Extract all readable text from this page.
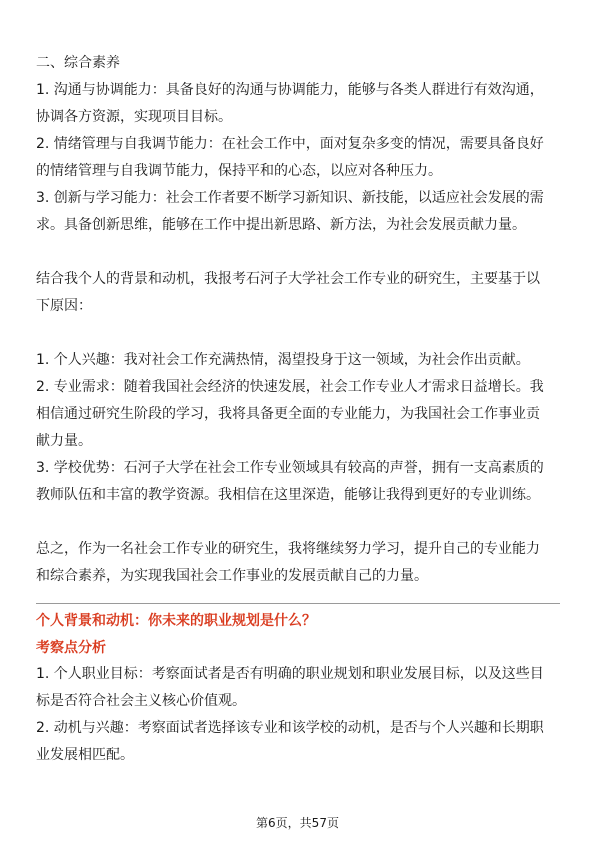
二、综合素养
1. 沟通与协调能力：具备良好的沟通与协调能力，能够与各类人群进行有效沟通，
协调各方资源，实现项目目标。
2. 情绪管理与自我调节能力：在社会工作中，面对复杂多变的情况，需要具备良好
的情绪管理与自我调节能力，保持平和的心态，以应对各种压力。
3. 创新与学习能力：社会工作者要不断学习新知识、新技能，以适应社会发展的需
求。具备创新思维，能够在工作中提出新思路、新方法，为社会发展贡献力量。
结合我个人的背景和动机，我报考石河子大学社会工作专业的研究生，主要基于以
下原因：
1. 个人兴趣：我对社会工作充满热情，渴望投身于这一领域，为社会作出贡献。
2. 专业需求：随着我国社会经济的快速发展，社会工作专业人才需求日益增长。我
相信通过研究生阶段的学习，我将具备更全面的专业能力，为我国社会工作事业贡
献力量。
3. 学校优势：石河子大学在社会工作专业领域具有较高的声誉，拥有一支高素质的
教师队伍和丰富的教学资源。我相信在这里深造，能够让我得到更好的专业训练。
总之，作为一名社会工作专业的研究生，我将继续努力学习，提升自己的专业能力
和综合素养，为实现我国社会工作事业的发展贡献自己的力量。
个人背景和动机：你未来的职业规划是什么？
考察点分析
1. 个人职业目标：考察面试者是否有明确的职业规划和职业发展目标，以及这些目
标是否符合社会主义核心价值观。
2. 动机与兴趣：考察面试者选择该专业和该学校的动机，是否与个人兴趣和长期职
业发展相匹配。
第6页，共57页
